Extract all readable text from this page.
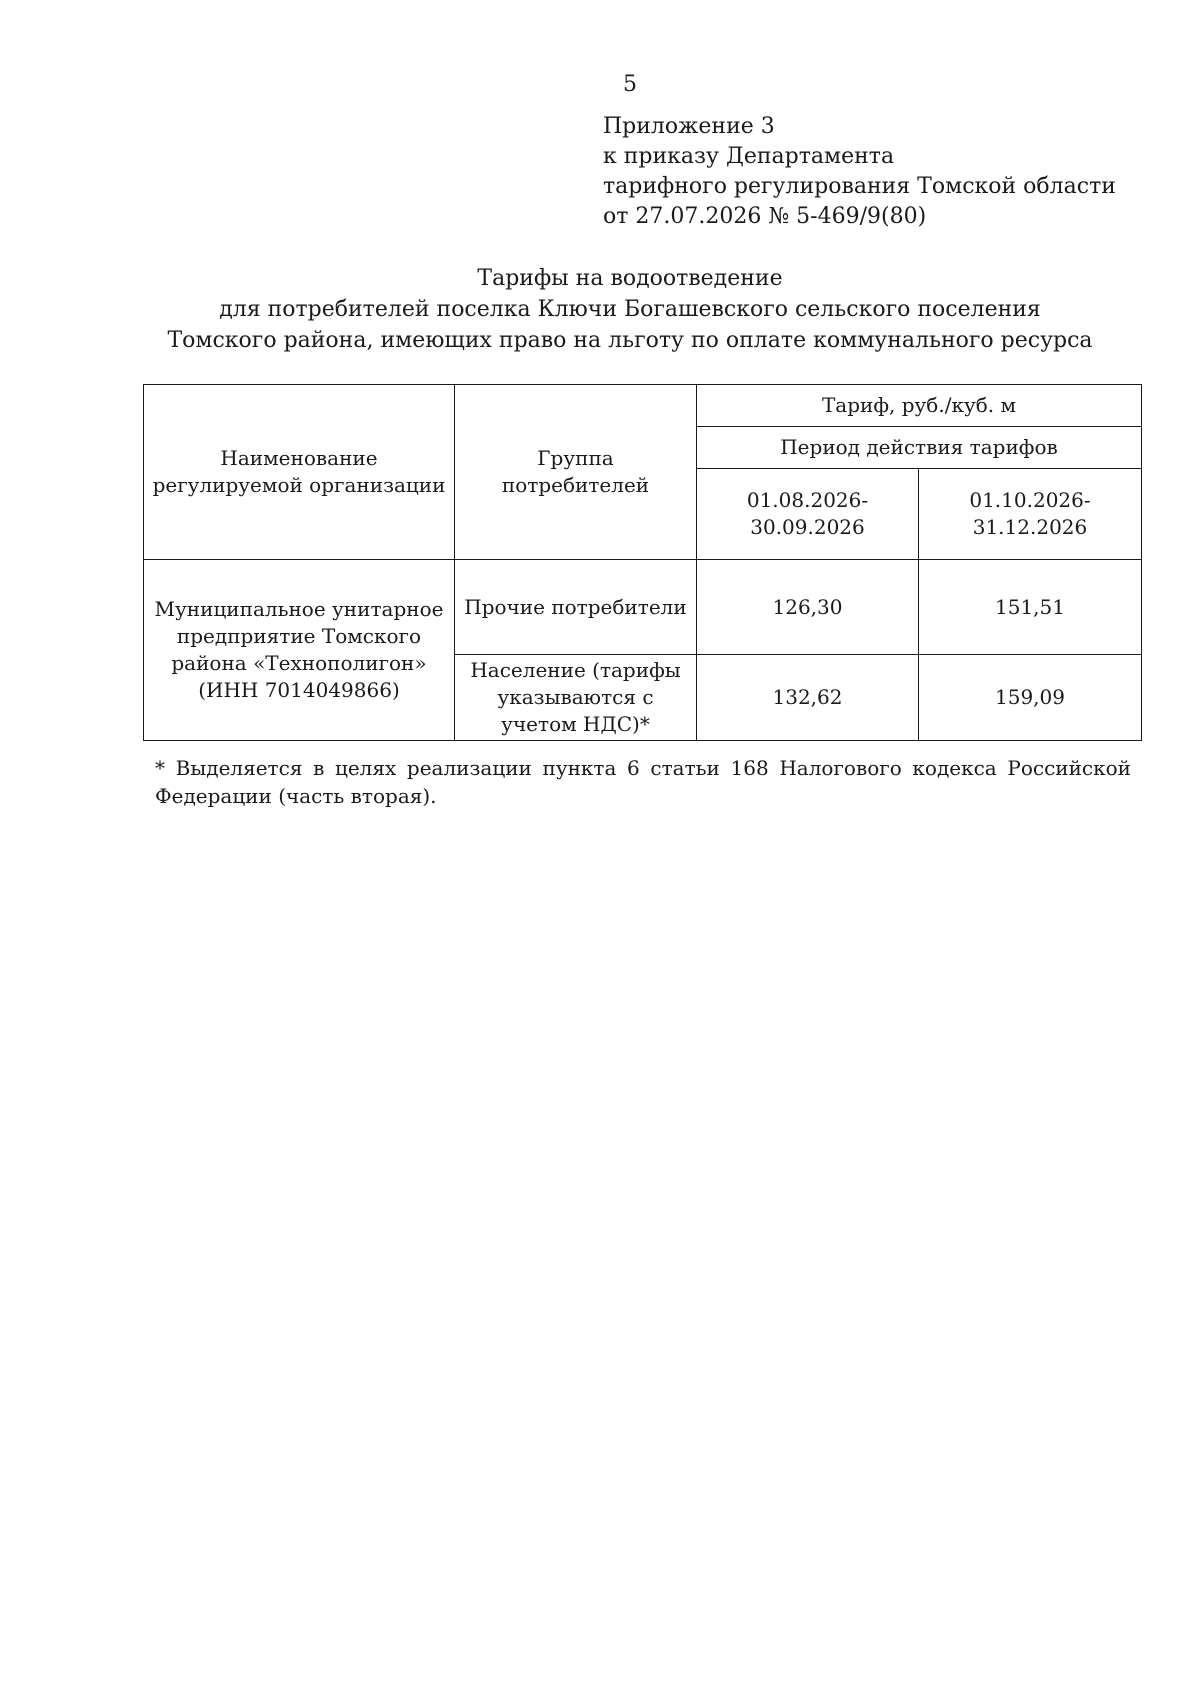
5
Приложение 3
к приказу Департамента
тарифного регулирования Томской области
от 27.07.2026 № 5-469/9(80)
Тарифы на водоотведение
для потребителей поселка Ключи Богашевского сельского поселения
Томского района, имеющих право на льготу по оплате коммунального ресурса
Наименование регулируемой организации	Группа потребителей	Тариф, руб./куб. м	
		Период действия тарифов	
		01.08.2026-30.09.2026	01.10.2026-31.12.2026
Муниципальное унитарное предприятие Томского района «Технополигон» (ИНН 7014049866)	Прочие потребители	126,30	151,51
	Население (тарифы указываются с учетом НДС)*	132,62	159,09
* Выделяется в целях реализации пункта 6 статьи 168 Налогового кодекса Российской Федерации (часть вторая).
